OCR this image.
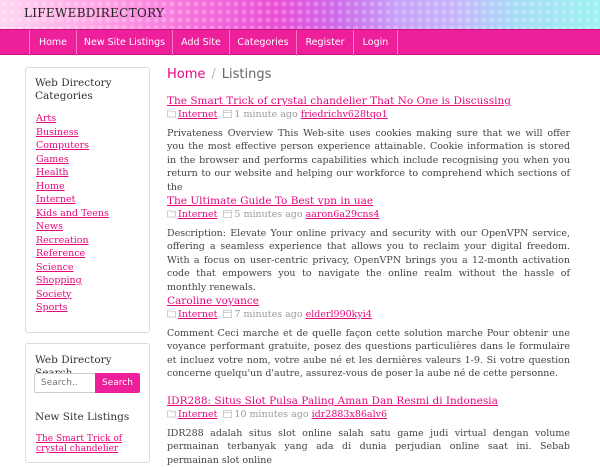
LIFEWEBDIRECTORY
Home	New Site Listings	Add Site	Categories	Register	Login
Web Directory Categories
Arts
Business
Computers
Games
Health
Home
Internet
Kids and Teens
News
Recreation
Reference
Science
Shopping
Society
Sports
Web Directory
Search..
Search
New Site Listings
The Smart Trick of crystal chandelier
Home / Listings
The Smart Trick of crystal chandelier That No One is Discussing
Internet 1 minute ago friedrichv628tqo1
Privateness Overview This Web-site uses cookies making sure that we will offer you the most effective person experience attainable. Cookie information is stored in the browser and performs capabilities which include recognising you when you return to our website and helping our workforce to comprehend which sections of the
The Ultimate Guide To Best vpn in uae
Internet 5 minutes ago aaron6a29cns4
Description: Elevate Your online privacy and security with our OpenVPN service, offering a seamless experience that allows you to reclaim your digital freedom. With a focus on user-centric privacy, OpenVPN brings you a 12-month activation code that empowers you to navigate the online realm without the hassle of monthly renewals.
Caroline voyance
Internet 7 minutes ago elderl990kyi4
Comment Ceci marche et de quelle façon cette solution marche Pour obtenir une voyance performant gratuite, posez des questions particulières dans le formulaire et incluez votre nom, votre aube né et les dernières valeurs 1-9. Si votre question concerne quelqu'un d'autre, assurez-vous de poser la aube né de cette personne.
IDR288: Situs Slot Pulsa Paling Aman Dan Resmi di Indonesia
Internet 10 minutes ago idr2883x86alv6
IDR288 adalah situs slot online salah satu game judi virtual dengan volume permainan terbanyak yang ada di dunia perjudian online saat ini. Sebab permainan slot online
